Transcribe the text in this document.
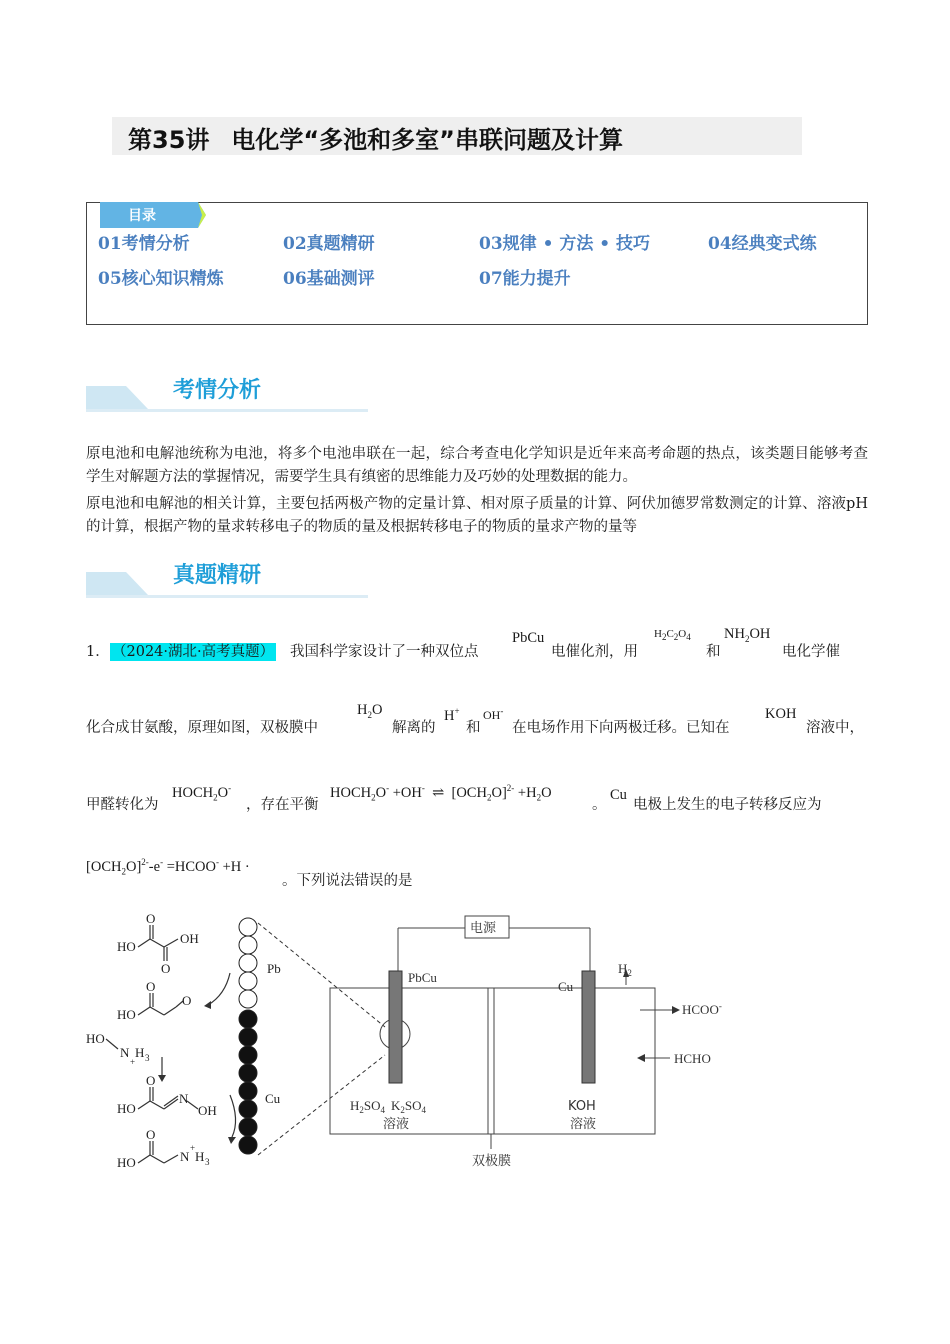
第35讲 电化学“多池和多室”串联问题及计算
目录
01考情分析	02真题精研	03规律 • 方法 • 技巧	04经典变式练
05核心知识精炼	06基础测评	07能力提升
考情分析
原电池和电解池统称为电池，将多个电池串联在一起，综合考查电化学知识是近年来高考命题的热点，该类题目能够考查学生对解题方法的掌握情况，需要学生具有缜密的思维能力及巧妙的处理数据的能力。
原电池和电解池的相关计算，主要包括两极产物的定量计算、相对原子质量的计算、阿伏加德罗常数测定的计算、溶液pH的计算，根据产物的量求转移电子的物质的量及根据转移电子的物质的量求产物的量等
真题精研
1． （2024·湖北·高考真题） 我国科学家设计了一种双位点
PbCu
电催化剂，用
$H_2C_2O_4$
和
$NH_2OH$
电化学催
化合成甘氨酸，原理如图，双极膜中
$H_2O$
解离的
H+
和
OH-
在电场作用下向两极迁移。已知在
KOH
溶液中，
甲醛转化为
$HOCH_2O^-$
，存在平衡
$HOCH_2O^- +OH^-$ ⇌  $[OCH_2O]^{2-} +H_2O$
。
Cu
电极上发生的电子转移反应为
$[OCH_2O]^{2-}-e^-$ =HCOO- +H ·
。下列说法错误的是
HO
OH
O
O
HO
O
O
HO
N
+
H 3
HO
O
N
OH
HO
O
N
+
H 3
Pb
Cu
电源
PbCu
Cu
$H_2$
HCOO-
HCHO
$H_2SO_4$ $K_2SO_4$
溶液
KOH
溶液
双极膜
